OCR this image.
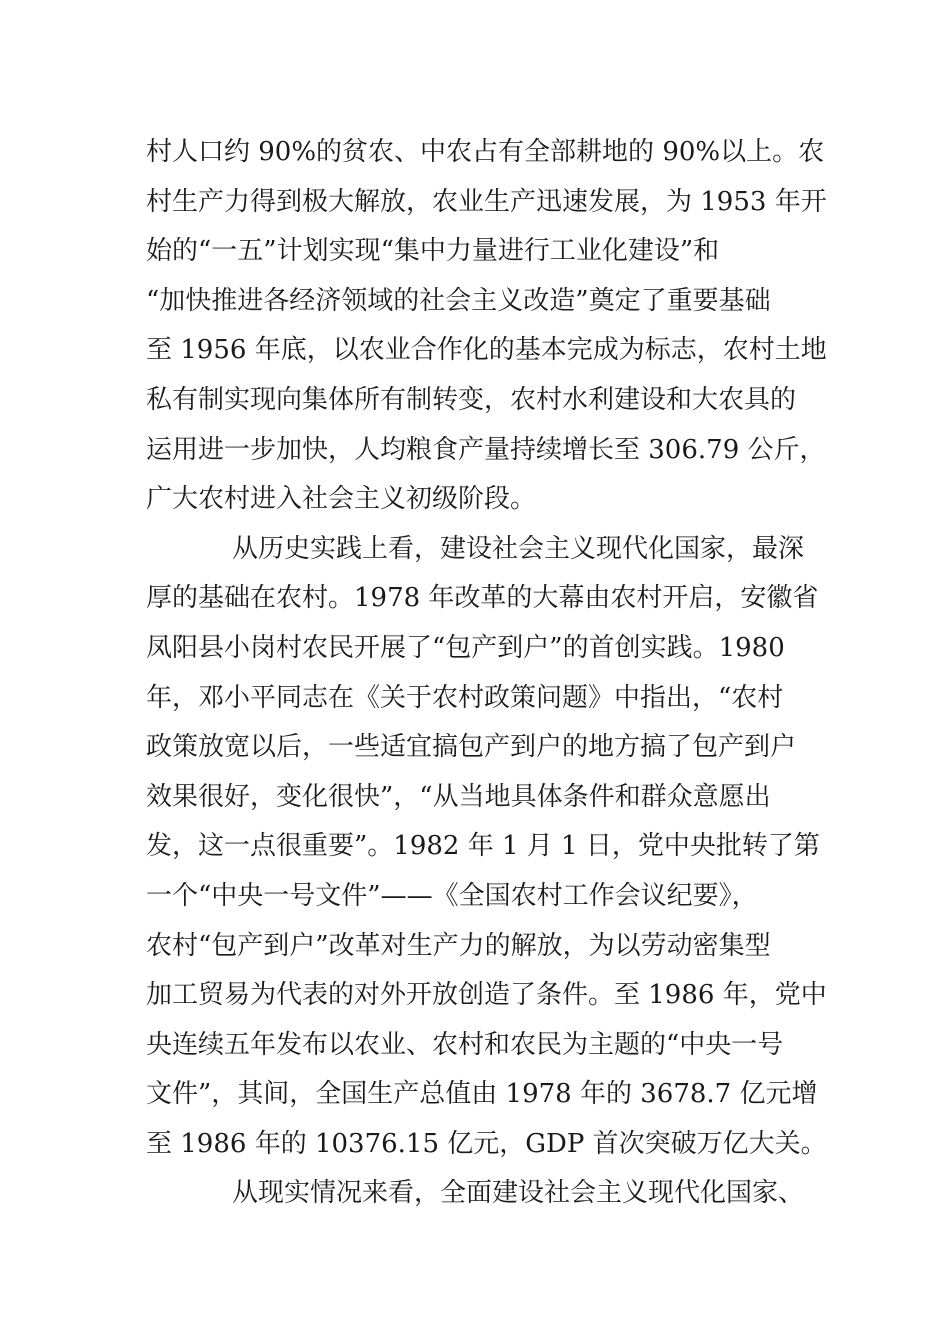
村人口约 90%的贫农、中农占有全部耕地的 90%以上。农
村生产力得到极大解放，农业生产迅速发展，为 1953 年开
始的“一五”计划实现“集中力量进行工业化建设”和
“加快推进各经济领域的社会主义改造”奠定了重要基础
至 1956 年底，以农业合作化的基本完成为标志，农村土地
私有制实现向集体所有制转变，农村水利建设和大农具的
运用进一步加快，人均粮食产量持续增长至 306.79 公斤，
广大农村进入社会主义初级阶段。
从历史实践上看，建设社会主义现代化国家，最深
厚的基础在农村。1978 年改革的大幕由农村开启，安徽省
凤阳县小岗村农民开展了“包产到户”的首创实践。1980
年，邓小平同志在《关于农村政策问题》中指出，“农村
政策放宽以后，一些适宜搞包产到户的地方搞了包产到户
效果很好，变化很快”，“从当地具体条件和群众意愿出
发，这一点很重要”。1982 年 1 月 1 日，党中央批转了第
一个“中央一号文件”——《全国农村工作会议纪要》，
农村“包产到户”改革对生产力的解放，为以劳动密集型
加工贸易为代表的对外开放创造了条件。至 1986 年，党中
央连续五年发布以农业、农村和农民为主题的“中央一号
文件”，其间，全国生产总值由 1978 年的 3678.7 亿元增
至 1986 年的 10376.15 亿元，GDP 首次突破万亿大关。
从现实情况来看，全面建设社会主义现代化国家、
